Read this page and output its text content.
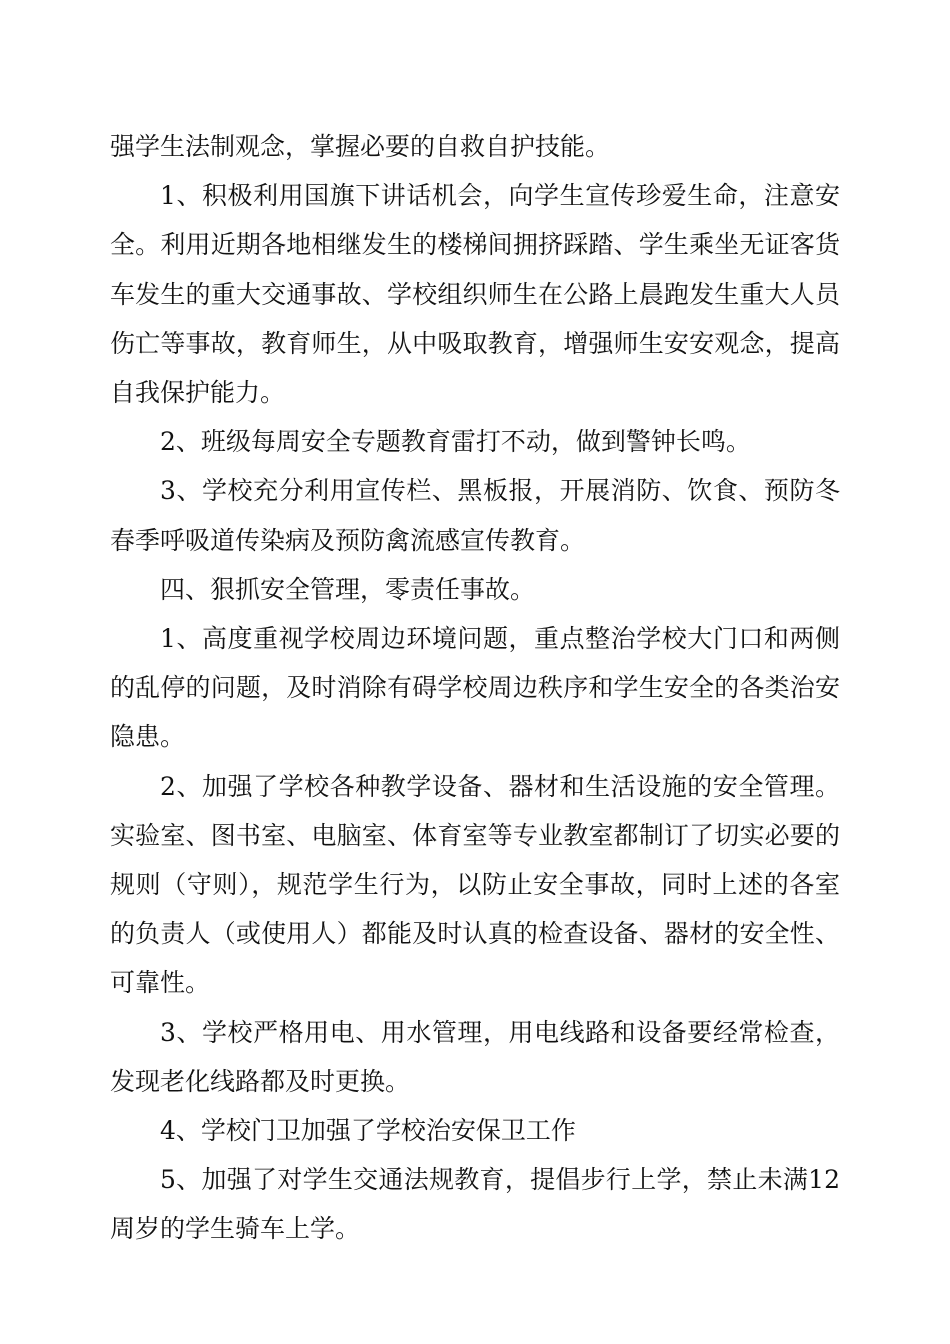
强学生法制观念，掌握必要的自救自护技能。

1、积极利用国旗下讲话机会，向学生宣传珍爱生命，注意安全。利用近期各地相继发生的楼梯间拥挤踩踏、学生乘坐无证客货车发生的重大交通事故、学校组织师生在公路上晨跑发生重大人员伤亡等事故，教育师生，从中吸取教育，增强师生安安观念，提高自我保护能力。

2、班级每周安全专题教育雷打不动，做到警钟长鸣。

3、学校充分利用宣传栏、黑板报，开展消防、饮食、预防冬春季呼吸道传染病及预防禽流感宣传教育。

四、狠抓安全管理，零责任事故。

1、高度重视学校周边环境问题，重点整治学校大门口和两侧的乱停的问题，及时消除有碍学校周边秩序和学生安全的各类治安隐患。

2、加强了学校各种教学设备、器材和生活设施的安全管理。实验室、图书室、电脑室、体育室等专业教室都制订了切实必要的规则（守则），规范学生行为，以防止安全事故，同时上述的各室的负责人（或使用人）都能及时认真的检查设备、器材的安全性、可靠性。

3、学校严格用电、用水管理，用电线路和设备要经常检查，发现老化线路都及时更换。

4、学校门卫加强了学校治安保卫工作

5、加强了对学生交通法规教育，提倡步行上学，禁止未满12周岁的学生骑车上学。
